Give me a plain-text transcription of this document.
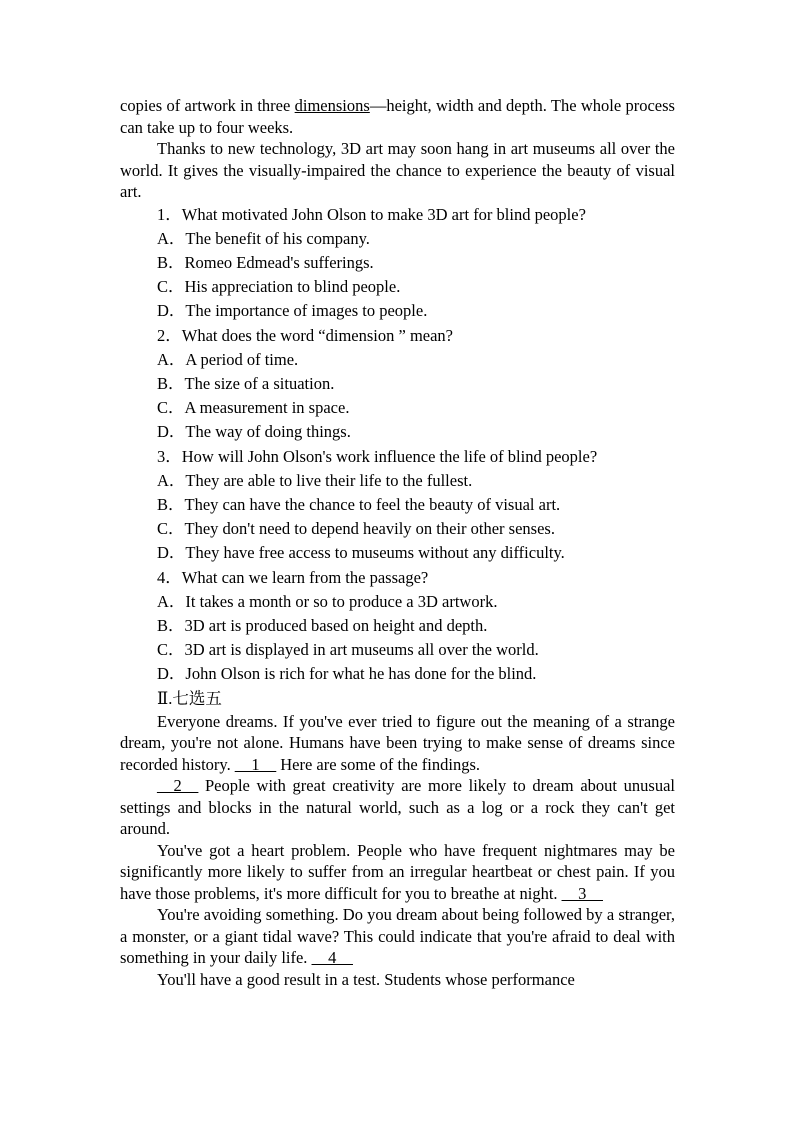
copies of artwork in three dimensions—height, width and depth. The whole process can take up to four weeks.

Thanks to new technology, 3D art may soon hang in art museums all over the world. It gives the visually-impaired the chance to experience the beauty of visual art.

1．What motivated John Olson to make 3D art for blind people?

A．The benefit of his company.

B．Romeo Edmead's sufferings.

C．His appreciation to blind people.

D．The importance of images to people.

2．What does the word “dimension ” mean?

A．A period of time.

B．The size of a situation.

C．A measurement in space.

D．The way of doing things.

3．How will John Olson's work influence the life of blind people?

A．They are able to live their life to the fullest.

B．They can have the chance to feel the beauty of visual art.

C．They don't need to depend heavily on their other senses.

D．They have free access to museums without any difficulty.

4．What can we learn from the passage?

A．It takes a month or so to produce a 3D artwork.

B．3D art is produced based on height and depth.

C．3D art is displayed in art museums all over the world.

D．John Olson is rich for what he has done for the blind.

Ⅱ.七选五

Everyone dreams. If you've ever tried to figure out the meaning of a strange dream, you're not alone. Humans have been trying to make sense of dreams since recorded history. __1__ Here are some of the findings.

__2__ People with great creativity are more likely to dream about unusual settings and blocks in the natural world, such as a log or a rock they can't get around.

You've got a heart problem. People who have frequent nightmares may be significantly more likely to suffer from an irregular heartbeat or chest pain. If you have those problems, it's more difficult for you to breathe at night. __3__

You're avoiding something. Do you dream about being followed by a stranger, a monster, or a giant tidal wave? This could indicate that you're afraid to deal with something in your daily life. __4__

You'll have a good result in a test. Students whose performance
